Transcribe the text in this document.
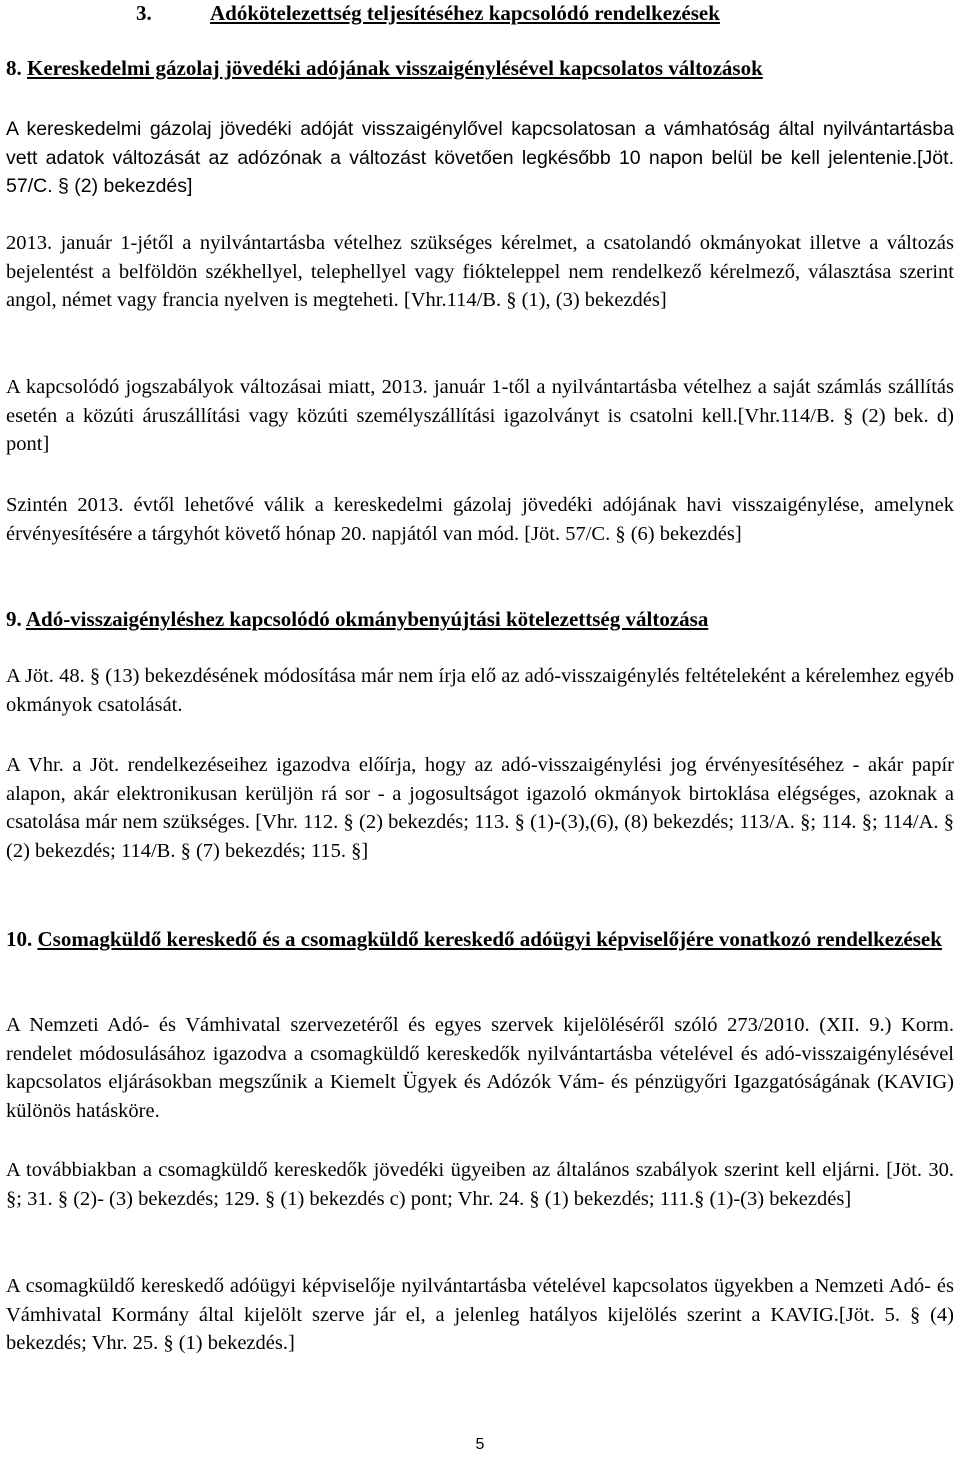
3.	Adókötelezettség teljesítéséhez kapcsolódó rendelkezések
8. Kereskedelmi gázolaj jövedéki adójának visszaigénylésével kapcsolatos változások

A kereskedelmi gázolaj jövedéki adóját visszaigénylővel kapcsolatosan a vámhatóság által nyilvántartásba vett adatok változását az adózónak a változást követően legkésőbb 10 napon belül be kell jelentenie.[Jöt. 57/C. § (2) bekezdés]

2013. január 1-jétől a nyilvántartásba vételhez szükséges kérelmet, a csatolandó okmányokat illetve a változás bejelentést a belföldön székhellyel, telephellyel vagy fiókteleppel nem rendelkező kérelmező, választása szerint angol, német vagy francia nyelven is megteheti. [Vhr.114/B. § (1), (3) bekezdés]

A kapcsolódó jogszabályok változásai miatt, 2013. január 1-től a nyilvántartásba vételhez a saját számlás szállítás esetén a közúti áruszállítási vagy közúti személyszállítási igazolványt is csatolni kell.[Vhr.114/B. § (2) bek. d) pont]

Szintén 2013. évtől lehetővé válik a kereskedelmi gázolaj jövedéki adójának havi visszaigénylése, amelynek érvényesítésére a tárgyhót követő hónap 20. napjától van mód. [Jöt. 57/C. § (6) bekezdés]

9. Adó-visszaigényléshez kapcsolódó okmánybenyújtási kötelezettség változása

A Jöt. 48. § (13) bekezdésének módosítása már nem írja elő az adó-visszaigénylés feltételeként a kérelemhez egyéb okmányok csatolását.

A Vhr. a Jöt. rendelkezéseihez igazodva előírja, hogy az adó-visszaigénylési jog érvényesítéséhez - akár papír alapon, akár elektronikusan kerüljön rá sor - a jogosultságot igazoló okmányok birtoklása elégséges, azoknak a csatolása már nem szükséges. [Vhr. 112. § (2) bekezdés; 113. § (1)-(3),(6), (8) bekezdés; 113/A. §; 114. §; 114/A. § (2) bekezdés; 114/B. § (7) bekezdés; 115. §]

10. Csomagküldő kereskedő és a csomagküldő kereskedő adóügyi képviselőjére vonatkozó rendelkezések

A Nemzeti Adó- és Vámhivatal szervezetéről és egyes szervek kijelöléséről szóló 273/2010. (XII. 9.) Korm. rendelet módosulásához igazodva a csomagküldő kereskedők nyilvántartásba vételével és adó-visszaigénylésével kapcsolatos eljárásokban megszűnik a Kiemelt Ügyek és Adózók Vám- és pénzügyőri Igazgatóságának (KAVIG) különös hatásköre.

A továbbiakban a csomagküldő kereskedők jövedéki ügyeiben az általános szabályok szerint kell eljárni. [Jöt. 30. §; 31. § (2)- (3) bekezdés; 129. § (1) bekezdés c) pont; Vhr. 24. § (1) bekezdés; 111.§ (1)-(3) bekezdés]

A csomagküldő kereskedő adóügyi képviselője nyilvántartásba vételével kapcsolatos ügyekben a Nemzeti Adó- és Vámhivatal Kormány által kijelölt szerve jár el, a jelenleg hatályos kijelölés szerint a KAVIG.[Jöt. 5. § (4) bekezdés; Vhr. 25. § (1) bekezdés.]

5
